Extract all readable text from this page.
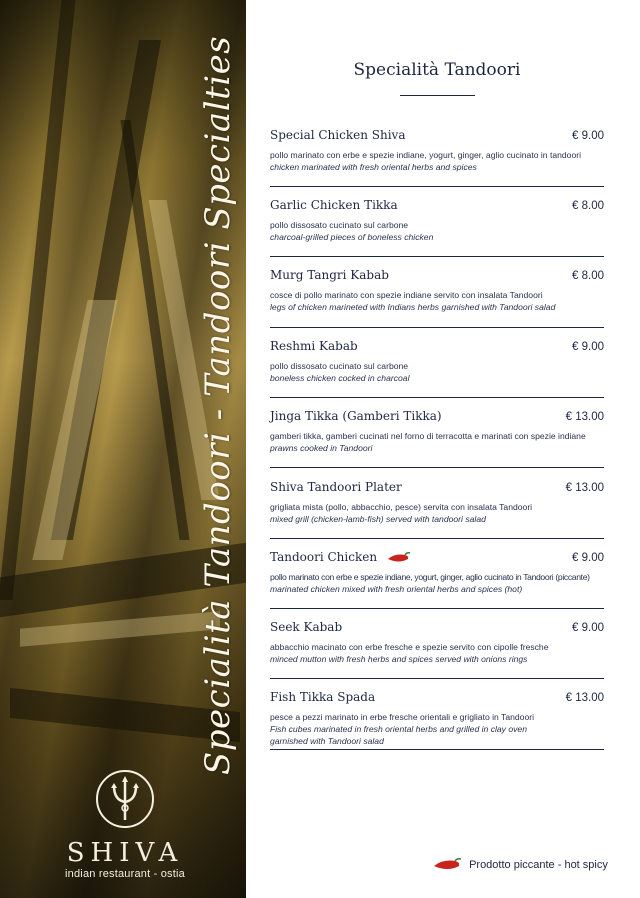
Specialità Tandoori - Tandoori Specialties
SHIVA
indian restaurant - ostia
Specialità Tandoori
Special Chicken Shiva	€ 9.00
pollo marinato con erbe e spezie indiane, yogurt, ginger, aglio cucinato in tandoori
chicken marinated with fresh oriental herbs and spices
Garlic Chicken Tikka	€ 8.00
pollo dissosato cucinato sul carbone
charcoal-grilled pieces of boneless chicken
Murg Tangri Kabab	€ 8.00
cosce di pollo marinato con spezie indiane servito con insalata Tandoori
legs of chicken marineted with Indians herbs garnished with Tandoori salad
Reshmi Kabab	€ 9.00
pollo dissosato cucinato sul carbone
boneless chicken cocked in charcoal
Jinga Tikka (Gamberi Tikka)	€ 13.00
gamberi tikka, gamberi cucinati nel forno di terracotta e marinati con spezie indiane
prawns cooked in Tandoori
Shiva Tandoori Plater	€ 13.00
grigliata mista (pollo, abbacchio, pesce) servita con insalata Tandoori
mixed grill (chicken-lamb-fish) served with tandoori salad
Tandoori Chicken	€ 9.00
pollo marinato con erbe e spezie indiane, yogurt, ginger, aglio cucinato in Tandoori (piccante)
marinated chicken mixed with fresh oriental herbs and spices (hot)
Seek Kabab	€ 9.00
abbacchio macinato con erbe fresche e spezie servito con cipolle fresche
minced mutton with fresh herbs and spices served with onions rings
Fish Tikka Spada	€ 13.00
pesce a pezzi marinato in erbe fresche orientali e grigliato in Tandoori
Fish cubes marinated in fresh oriental herbs and grilled in clay oven
garnished with Tandoori salad
Prodotto piccante - hot spicy
